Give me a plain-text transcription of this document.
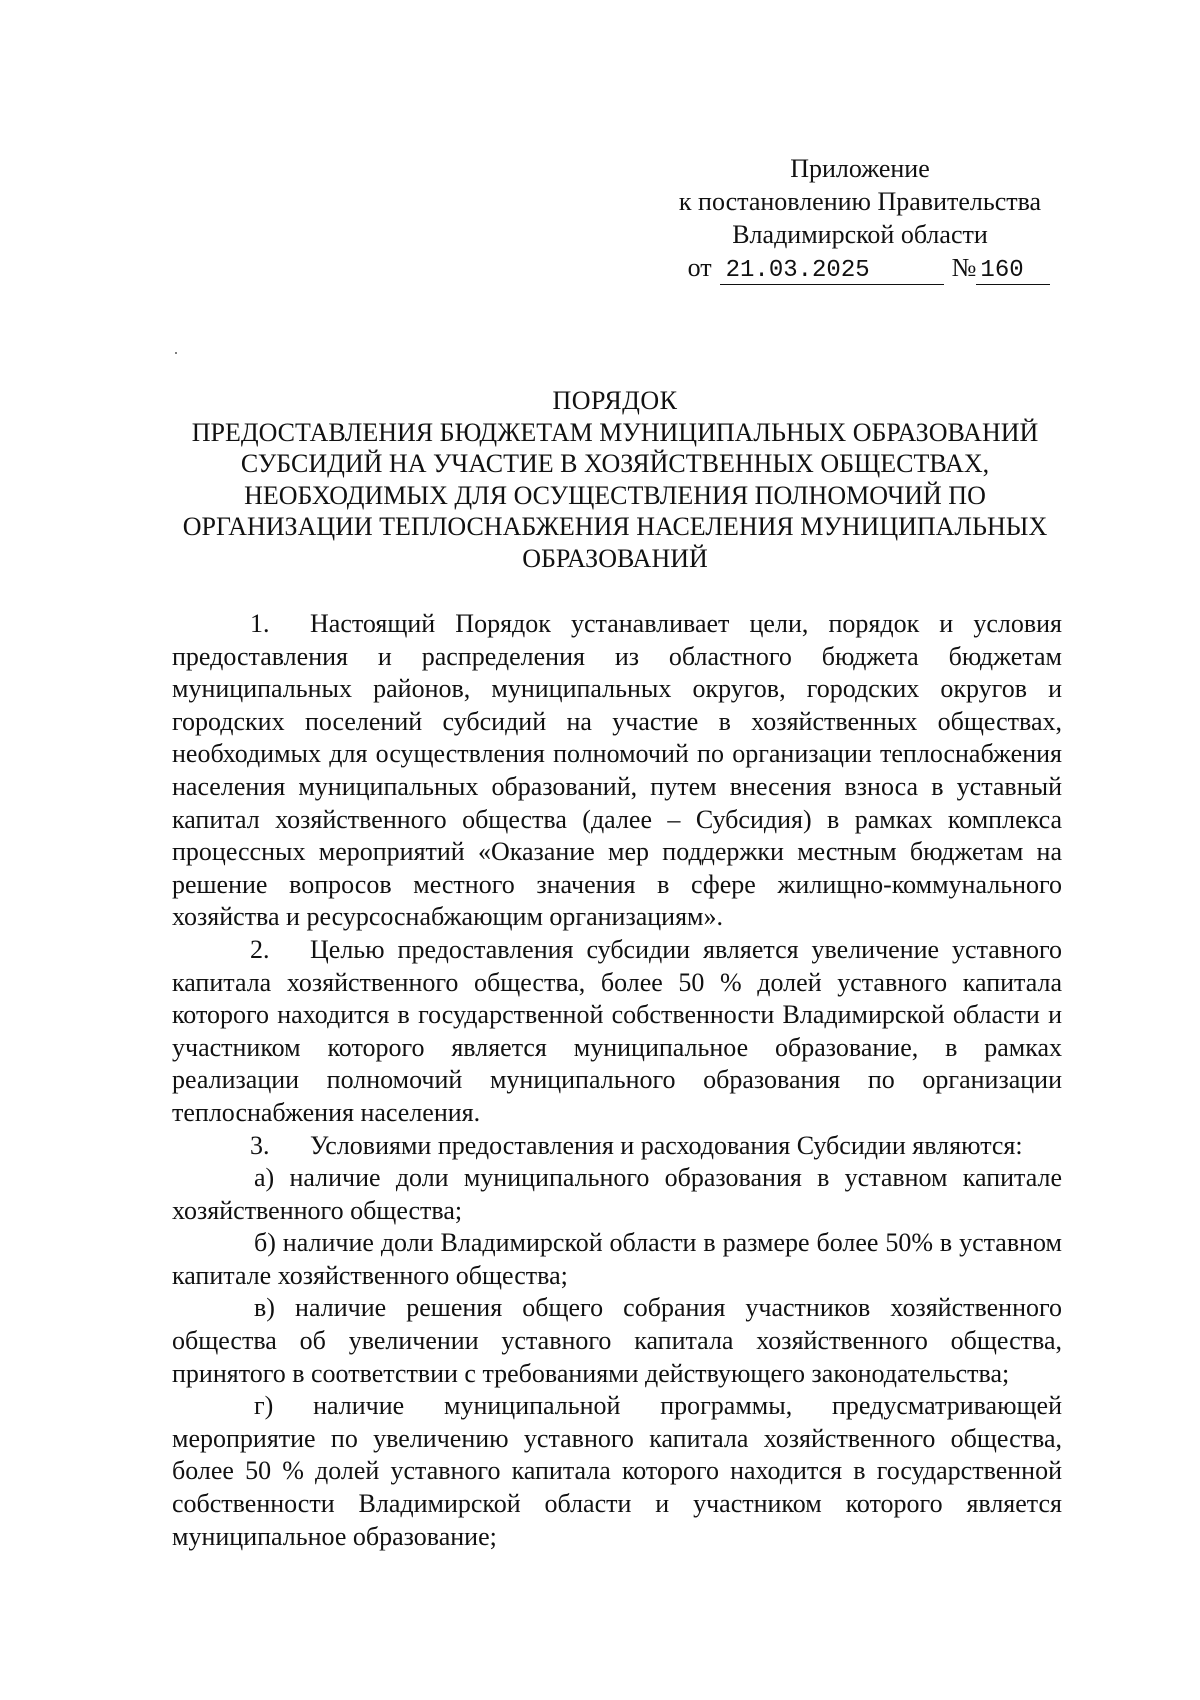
Приложение
к постановлению Правительства
Владимирской области
от 21.03.2025	№ 160
ПОРЯДОК
ПРЕДОСТАВЛЕНИЯ БЮДЖЕТАМ МУНИЦИПАЛЬНЫХ ОБРАЗОВАНИЙ СУБСИДИЙ НА УЧАСТИЕ В ХОЗЯЙСТВЕННЫХ ОБЩЕСТВАХ, НЕОБХОДИМЫХ ДЛЯ ОСУЩЕСТВЛЕНИЯ ПОЛНОМОЧИЙ ПО ОРГАНИЗАЦИИ ТЕПЛОСНАБЖЕНИЯ НАСЕЛЕНИЯ МУНИЦИПАЛЬНЫХ ОБРАЗОВАНИЙ

1. Настоящий Порядок устанавливает цели, порядок и условия предоставления и распределения из областного бюджета бюджетам муниципальных районов, муниципальных округов, городских округов и городских поселений субсидий на участие в хозяйственных обществах, необходимых для осуществления полномочий по организации теплоснабжения населения муниципальных образований, путем внесения взноса в уставный капитал хозяйственного общества (далее – Субсидия) в рамках комплекса процессных мероприятий «Оказание мер поддержки местным бюджетам на решение вопросов местного значения в сфере жилищно-коммунального хозяйства и ресурсоснабжающим организациям».

2. Целью предоставления субсидии является увеличение уставного капитала хозяйственного общества, более 50 % долей уставного капитала которого находится в государственной собственности Владимирской области и участником которого является муниципальное образование, в рамках реализации полномочий муниципального образования по организации теплоснабжения населения.

3. Условиями предоставления и расходования Субсидии являются:

а) наличие доли муниципального образования в уставном капитале хозяйственного общества;

б) наличие доли Владимирской области в размере более 50% в уставном капитале хозяйственного общества;

в) наличие решения общего собрания участников хозяйственного общества об увеличении уставного капитала хозяйственного общества, принятого в соответствии с требованиями действующего законодательства;

г) наличие муниципальной программы, предусматривающей мероприятие по увеличению уставного капитала хозяйственного общества, более 50 % долей уставного капитала которого находится в государственной собственности Владимирской области и участником которого является муниципальное образование;
